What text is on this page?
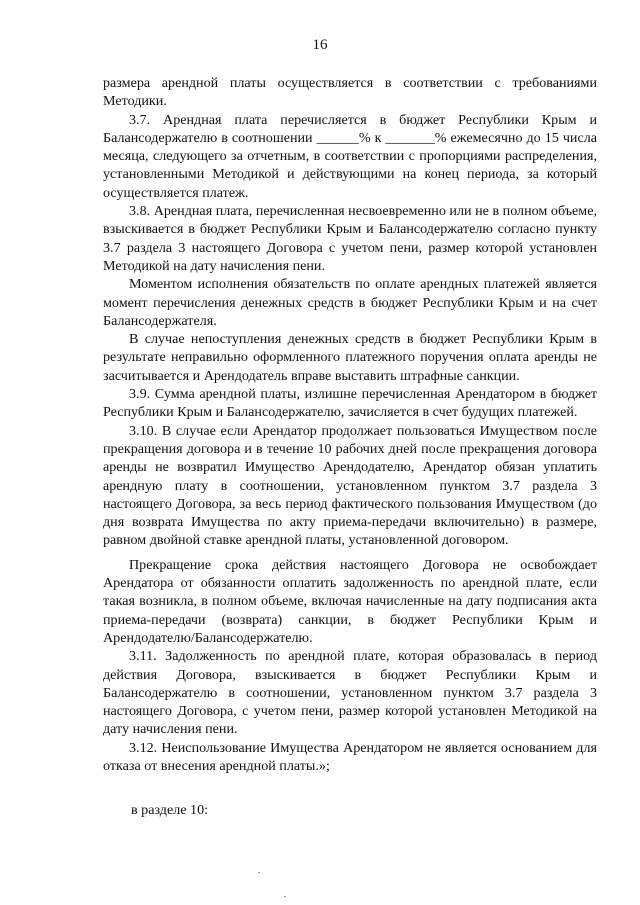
16

размера арендной платы осуществляется в соответствии с требованиями Методики.

3.7. Арендная плата перечисляется в бюджет Республики Крым и Балансодержателю в соотношении ______% к _______% ежемесячно до 15 числа месяца, следующего за отчетным, в соответствии с пропорциями распределения, установленными Методикой и действующими на конец периода, за который осуществляется платеж.

3.8. Арендная плата, перечисленная несвоевременно или не в полном объеме, взыскивается в бюджет Республики Крым и Балансодержателю согласно пункту 3.7 раздела 3 настоящего Договора с учетом пени, размер которой установлен Методикой на дату начисления пени.

Моментом исполнения обязательств по оплате арендных платежей является момент перечисления денежных средств в бюджет Республики Крым и на счет Балансодержателя.

В случае непоступления денежных средств в бюджет Республики Крым в результате неправильно оформленного платежного поручения оплата аренды не засчитывается и Арендодатель вправе выставить штрафные санкции.

3.9. Сумма арендной платы, излишне перечисленная Арендатором в бюджет Республики Крым и Балансодержателю, зачисляется в счет будущих платежей.

3.10. В случае если Арендатор продолжает пользоваться Имуществом после прекращения договора и в течение 10 рабочих дней после прекращения договора аренды не возвратил Имущество Арендодателю, Арендатор обязан уплатить арендную плату в соотношении, установленном пунктом 3.7 раздела 3 настоящего Договора, за весь период фактического пользования Имуществом (до дня возврата Имущества по акту приема-передачи включительно) в размере, равном двойной ставке арендной платы, установленной договором.

Прекращение срока действия настоящего Договора не освобождает Арендатора от обязанности оплатить задолженность по арендной плате, если такая возникла, в полном объеме, включая начисленные на дату подписания акта приема-передачи (возврата) санкции, в бюджет Республики Крым и Арендодателю/Балансодержателю.

3.11. Задолженность по арендной плате, которая образовалась в период действия Договора, взыскивается в бюджет Республики Крым и Балансодержателю в соотношении, установленном пунктом 3.7 раздела 3 настоящего Договора, с учетом пени, размер которой установлен Методикой на дату начисления пени.

3.12. Неиспользование Имущества Арендатором не является основанием для отказа от внесения арендной платы.»;

в разделе 10:
